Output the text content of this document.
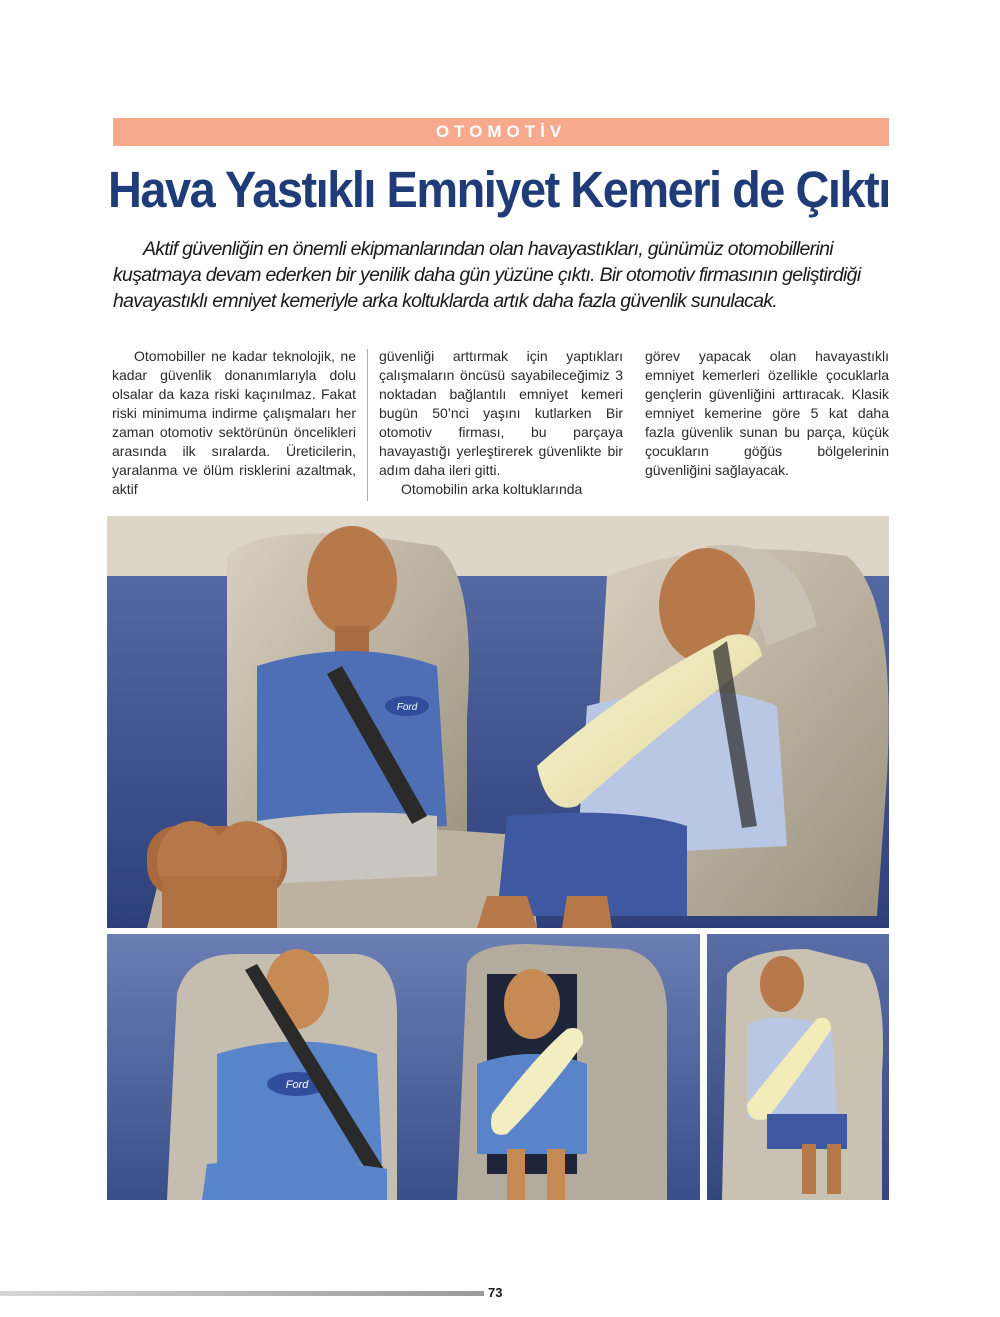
OTOMOTİV
Hava Yastıklı Emniyet Kemeri de Çıktı

Aktif güvenliğin en önemli ekipmanlarından olan havayastıkları, günümüz otomobillerini kuşatmaya devam ederken bir yenilik daha gün yüzüne çıktı. Bir otomotiv firmasının geliştirdiği havayastıklı emniyet kemeriyle arka koltuklarda artık daha fazla güvenlik sunulacak.

Otomobiller ne kadar teknolojik, ne kadar güvenlik donanımlarıyla dolu olsalar da kaza riski kaçınılmaz. Fakat riski minimuma indirme çalışmaları her zaman otomotiv sektörünün öncelikleri arasında ilk sıralarda. Üreticilerin, yaralanma ve ölüm risklerini azaltmak, aktif

güvenliği arttırmak için yaptıkları çalışmaların öncüsü sayabileceğimiz 3 noktadan bağlantılı emniyet kemeri bugün 50’nci yaşını kutlarken Bir otomotiv firması, bu parçaya havayastığı yerleştirerek güvenlikte bir adım daha ileri gitti.

Otomobilin arka koltuklarında

görev yapacak olan havayastıklı emniyet kemerleri özellikle çocuklarla gençlerin güvenliğini arttıracak. Klasik emniyet kemerine göre 5 kat daha fazla güvenlik sunan bu parça, küçük çocukların göğüs bölgelerinin güvenliğini sağlayacak.

Ford
Ford
73
